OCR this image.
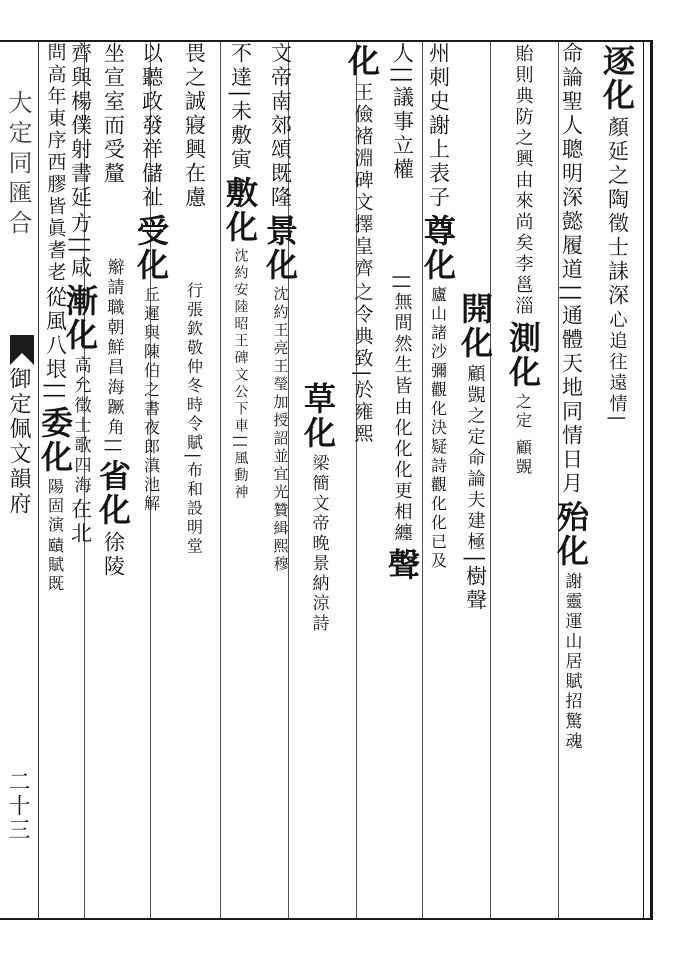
大定同匯合
御定佩文韻府
二十三
逐化
顏延之陶徵士誄深
心追往遠情|
命論聖人聰明深懿履道
||通體天地同情日月
殆化
謝靈運山居賦招驚魂
貽則典防之興由來尚矣李邕淄
測化
之定 顧覬
開化
顧覬之定命論夫建極
|樹聲
州刺史謝上表子
尊化
廬山諸沙彌觀化決疑詩觀化化已及
人||議事立權
||無間然生皆由化化化更相纏
聲
化
王儉褚淵碑文擇皇齊
之令典致|於雍熙
草化
梁簡文帝晚景納涼詩
文帝南郊頌既隆
景化
沈約王亮王瑩加授詔並宜光贊緝熙穆
不達|未敷寅
敷化
沈約安陸昭王碑文公下車||風動神
畏之誠寢興在慮
行張欽敬仲冬時令賦|布和設明堂
以聽政發祥儲祉
受化
丘遲與陳伯之書夜郎滇池解
坐宣室而受釐
辮請職朝鮮昌海蹶角||
省化
徐陵
齊與楊僕射書延
方||咸
漸化
高允徵士歌四海
在北
問高年東序西膠皆眞耆老
從風八垠||
委化
陽固演
賾賦既
